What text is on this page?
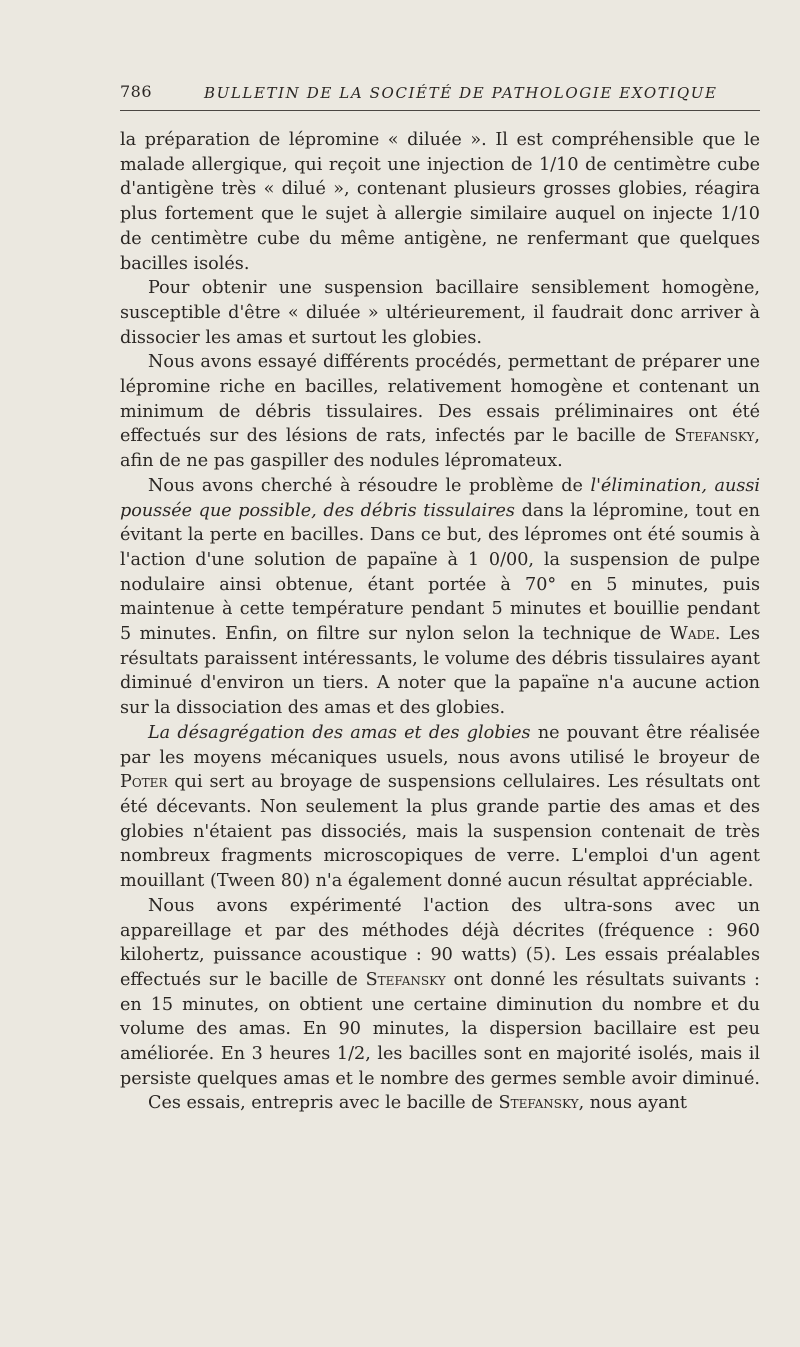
786	BULLETIN DE LA SOCIÉTÉ DE PATHOLOGIE EXOTIQUE

la préparation de lépromine « diluée ». Il est compréhensible que le malade allergique, qui reçoit une injection de 1/10 de centimètre cube d'antigène très « dilué », contenant plusieurs grosses globies, réagira plus fortement que le sujet à allergie similaire auquel on injecte 1/10 de centimètre cube du même antigène, ne renfermant que quelques bacilles isolés.

Pour obtenir une suspension bacillaire sensiblement homogène, susceptible d'être « diluée » ultérieurement, il faudrait donc arriver à dissocier les amas et surtout les globies.

Nous avons essayé différents procédés, permettant de préparer une lépromine riche en bacilles, relativement homogène et contenant un minimum de débris tissulaires. Des essais préliminaires ont été effectués sur des lésions de rats, infectés par le bacille de Stefansky, afin de ne pas gaspiller des nodules lépromateux.

Nous avons cherché à résoudre le problème de l'élimination, aussi poussée que possible, des débris tissulaires dans la lépromine, tout en évitant la perte en bacilles. Dans ce but, des lépromes ont été soumis à l'action d'une solution de papaïne à 1 0/00, la suspension de pulpe nodulaire ainsi obtenue, étant portée à 70° en 5 minutes, puis maintenue à cette température pendant 5 minutes et bouillie pendant 5 minutes. Enfin, on filtre sur nylon selon la technique de Wade. Les résultats paraissent intéressants, le volume des débris tissulaires ayant diminué d'environ un tiers. A noter que la papaïne n'a aucune action sur la dissociation des amas et des globies.

La désagrégation des amas et des globies ne pouvant être réalisée par les moyens mécaniques usuels, nous avons utilisé le broyeur de Poter qui sert au broyage de suspensions cellulaires. Les résultats ont été décevants. Non seulement la plus grande partie des amas et des globies n'étaient pas dissociés, mais la suspension contenait de très nombreux fragments microscopiques de verre. L'emploi d'un agent mouillant (Tween 80) n'a également donné aucun résultat appréciable.

Nous avons expérimenté l'action des ultra-sons avec un appareillage et par des méthodes déjà décrites (fréquence : 960 kilohertz, puissance acoustique : 90 watts) (5). Les essais préalables effectués sur le bacille de Stefansky ont donné les résultats suivants : en 15 minutes, on obtient une certaine diminution du nombre et du volume des amas. En 90 minutes, la dispersion bacillaire est peu améliorée. En 3 heures 1/2, les bacilles sont en majorité isolés, mais il persiste quelques amas et le nombre des germes semble avoir diminué.

Ces essais, entrepris avec le bacille de Stefansky, nous ayant
